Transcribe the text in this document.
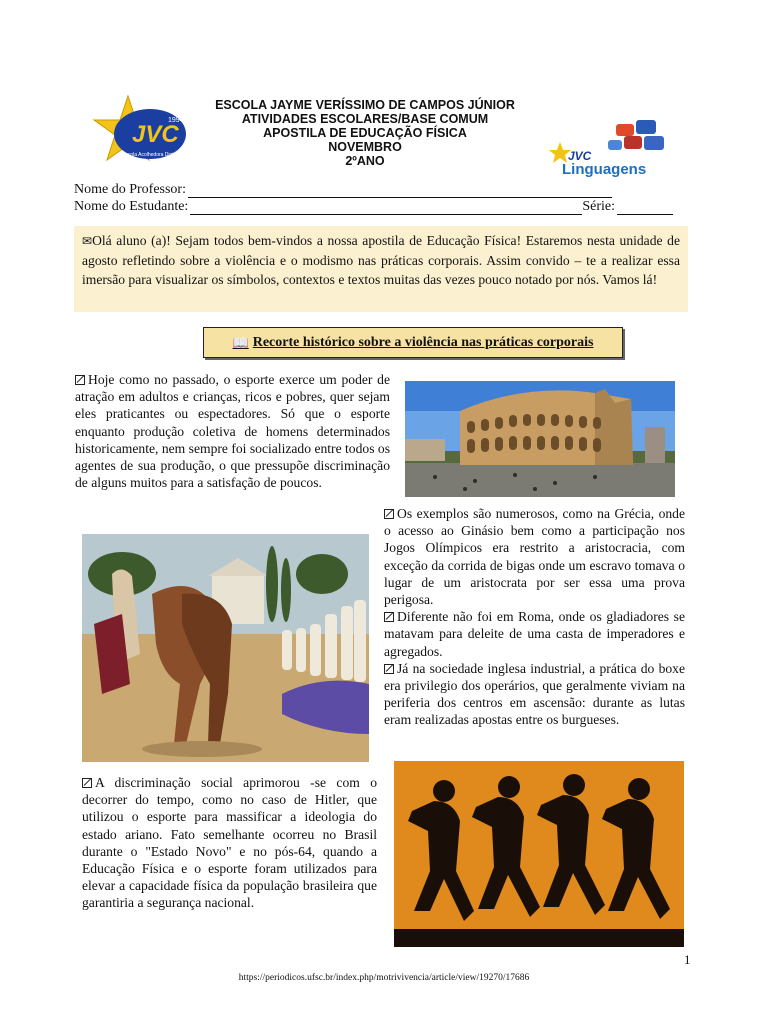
JVC
1994
Escola Acolhedora Digital
ESCOLA JAYME VERÍSSIMO DE CAMPOS JÚNIOR
ATIVIDADES ESCOLARES/BASE COMUM
APOSTILA DE EDUCAÇÃO FÍSICA
NOVEMBRO
2ºANO	JVC
Linguagens
Nome do Professor:
Nome do Estudante:	Série:
✉Olá aluno (a)! Sejam todos bem-vindos a nossa apostila de Educação Física! Estaremos nesta unidade de agosto refletindo sobre a violência e o modismo nas práticas corporais. Assim convido – te a realizar essa imersão para visualizar os símbolos, contextos e textos muitas das vezes pouco notado por nós. Vamos lá!
📖 Recorte histórico sobre a violência nas práticas corporais

Hoje como no passado, o esporte exerce um poder de atração em adultos e crianças, ricos e pobres, quer sejam eles praticantes ou espectadores. Só que o esporte enquanto produção coletiva de homens determinados historicamente, nem sempre foi socializado entre todos os agentes de sua produção, o que pressupõe discriminação de alguns muitos para a satisfação de poucos.

Os exemplos são numerosos, como na Grécia, onde o acesso ao Ginásio bem como a participação nos Jogos Olímpicos era restrito a aristocracia, com exceção da corrida de bigas onde um escravo tomava o lugar de um aristocrata por ser essa uma prova perigosa.

Diferente não foi em Roma, onde os gladiadores se matavam para deleite de uma casta de imperadores e agregados.

Já na sociedade inglesa industrial, a prática do boxe era privilegio dos operários, que geralmente viviam na periferia dos centros em ascensão: durante as lutas eram realizadas apostas entre os burgueses.

A discriminação social aprimorou -se com o decorrer do tempo, como no caso de Hitler, que utilizou o esporte para massificar a ideologia do estado ariano. Fato semelhante ocorreu no Brasil durante o "Estado Novo" e no pós-64, quando a Educação Física e o esporte foram utilizados para elevar a capacidade física da população brasileira que garantiria a segurança nacional.

1
https://periodicos.ufsc.br/index.php/motrivivencia/article/view/19270/17686
